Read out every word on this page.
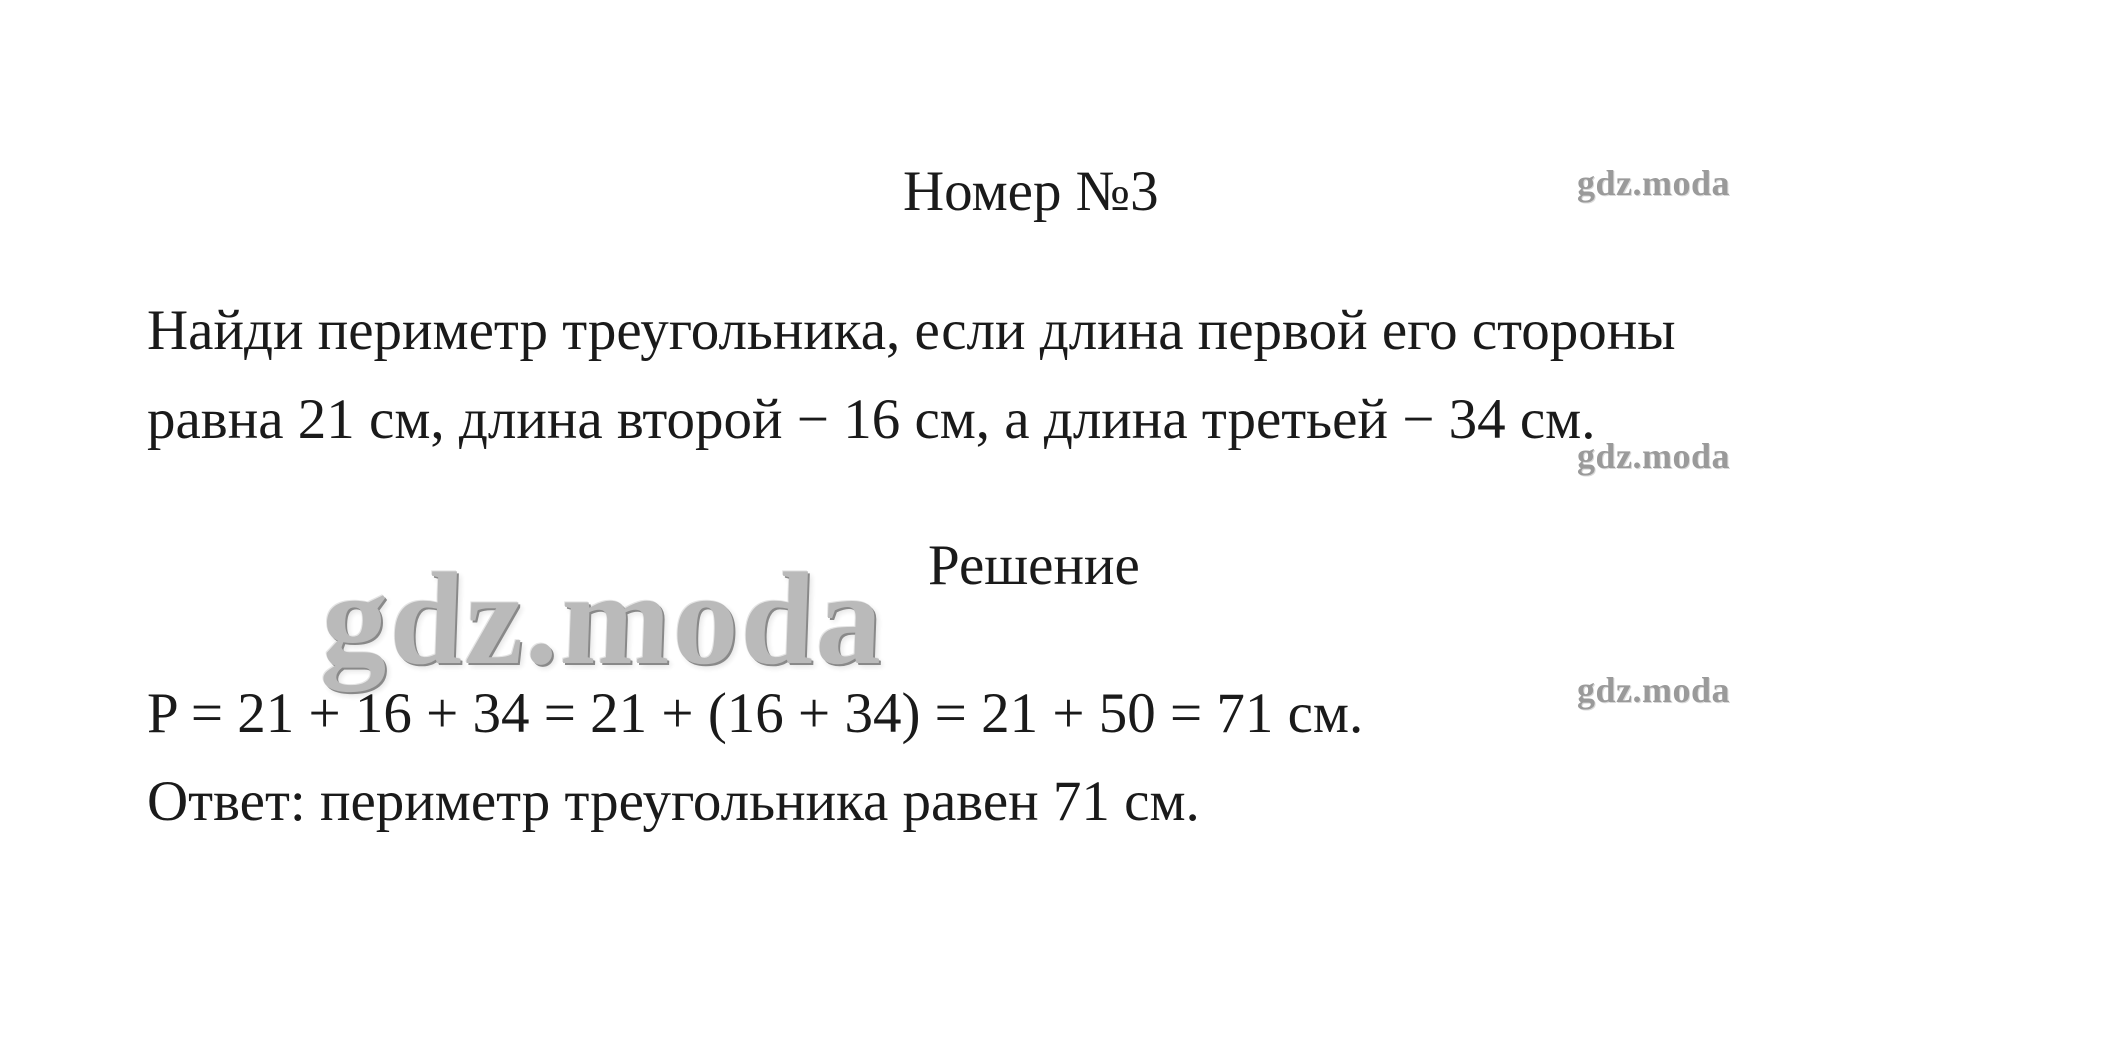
Номер №3
Найди периметр треугольника, если длина первой его стороны
равна 21 см, длина второй − 16 см, а длина третьей − 34 см.
Решение
P = 21 + 16 + 34 = 21 + (16 + 34) = 21 + 50 = 71 см.
Ответ: периметр треугольника равен 71 см.
gdz.moda
gdz.moda
gdz.moda
gdz.moda
